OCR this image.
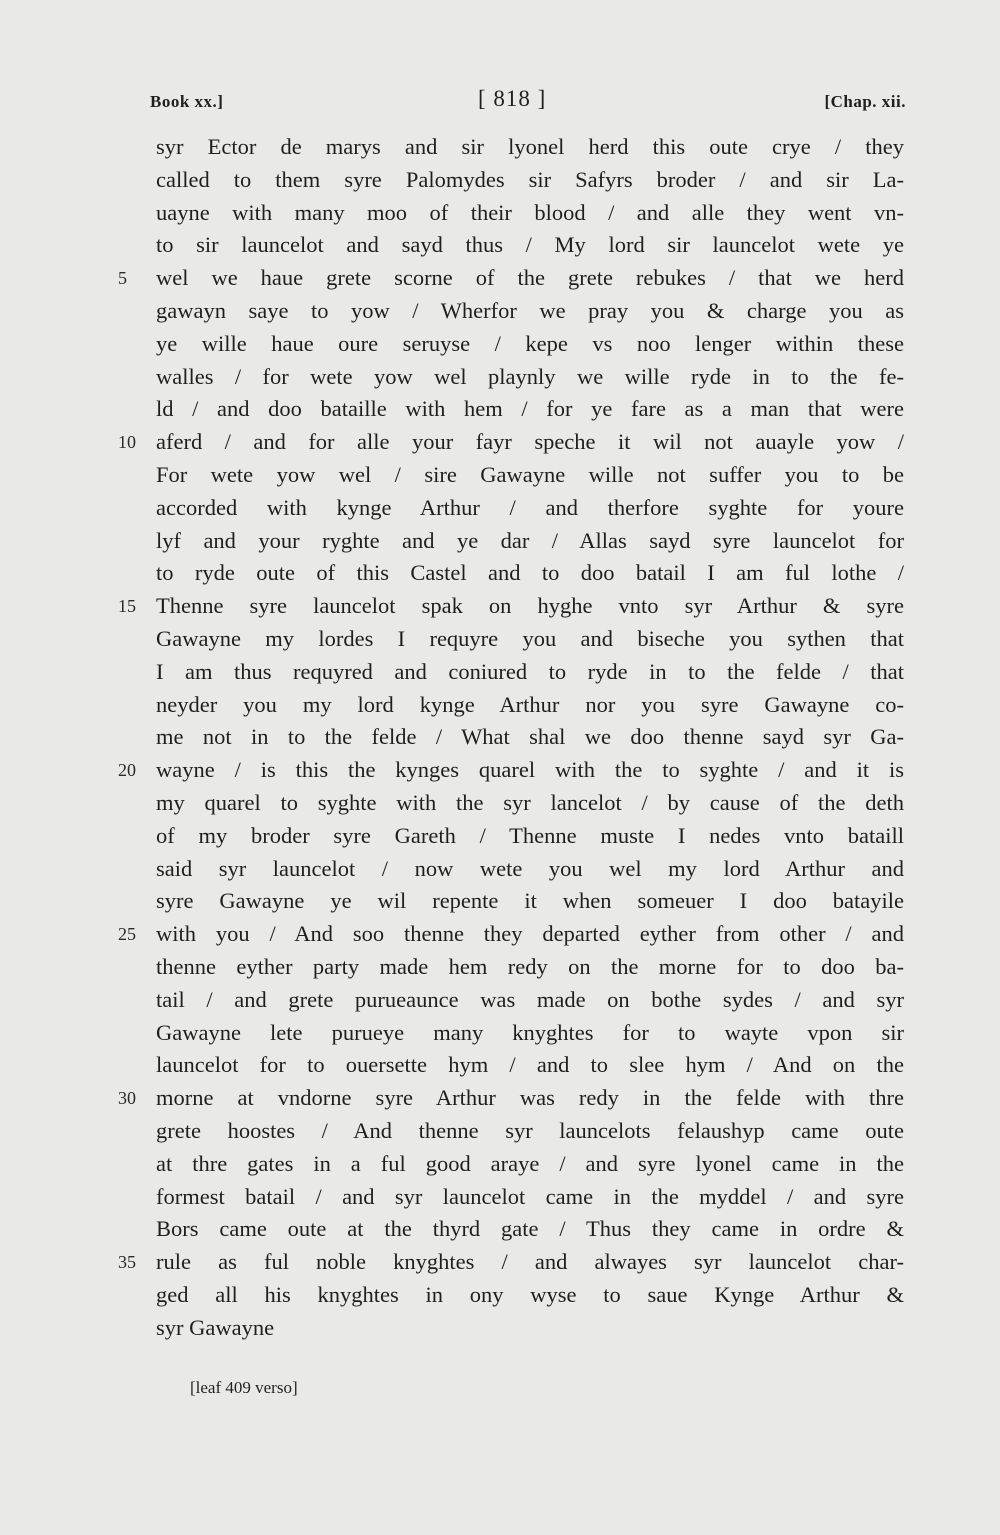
Book xx.]	[ 818 ]	[Chap. xii.
syr Ector de marys and sir lyonel herd this oute crye / they
called to them syre Palomydes sir Safyrs broder / and sir La-
uayne with many moo of their blood / and alle they went vn-
to sir launcelot and sayd thus / My lord sir launcelot wete ye
5	wel we haue grete scorne of the grete rebukes / that we herd
gawayn saye to yow / Wherfor we pray you & charge you as
ye wille haue oure seruyse / kepe vs noo lenger within these
walles / for wete yow wel playnly we wille ryde in to the fe-
ld / and doo bataille with hem / for ye fare as a man that were
10 aferd / and for alle your fayr speche it wil not auayle yow /
For wete yow wel / sire Gawayne wille not suffer you to be
accorded with kynge Arthur / and therfore syghte for youre
lyf and your ryghte and ye dar / Allas sayd syre launcelot for
to ryde oute of this Castel and to doo batail I am ful lothe /
15 Thenne syre launcelot spak on hyghe vnto syr Arthur & syre
Gawayne my lordes I requyre you and biseche you sythen that
I am thus requyred and coniured to ryde in to the felde / that
neyder you my lord kynge Arthur nor you syre Gawayne co-
me not in to the felde / What shal we doo thenne sayd syr Ga-
20 wayne / is this the kynges quarel with the to syghte / and it is
my quarel to syghte with the syr lancelot / by cause of the deth
of my broder syre Gareth / Thenne muste I nedes vnto bataill
said syr launcelot / now wete you wel my lord Arthur and
syre Gawayne ye wil repente it when someuer I doo batayile
25 with you / And soo thenne they departed eyther from other / and
thenne eyther party made hem redy on the morne for to doo ba-
tail / and grete purueaunce was made on bothe sydes / and syr
Gawayne lete purueye many knyghtes for to wayte vpon sir
launcelot for to ouersette hym / and to slee hym / And on the
30 morne at vndorne syre Arthur was redy in the felde with thre
grete hoostes / And thenne syr launcelots felaushyp came oute
at thre gates in a ful good araye / and syre lyonel came in the
formest batail / and syr launcelot came in the myddel / and syre
Bors came oute at the thyrd gate / Thus they came in ordre &
35 rule as ful noble knyghtes / and alwayes syr launcelot char-
ged all his knyghtes in ony wyse to saue Kynge Arthur &
syr Gawayne
[leaf 409 verso]
